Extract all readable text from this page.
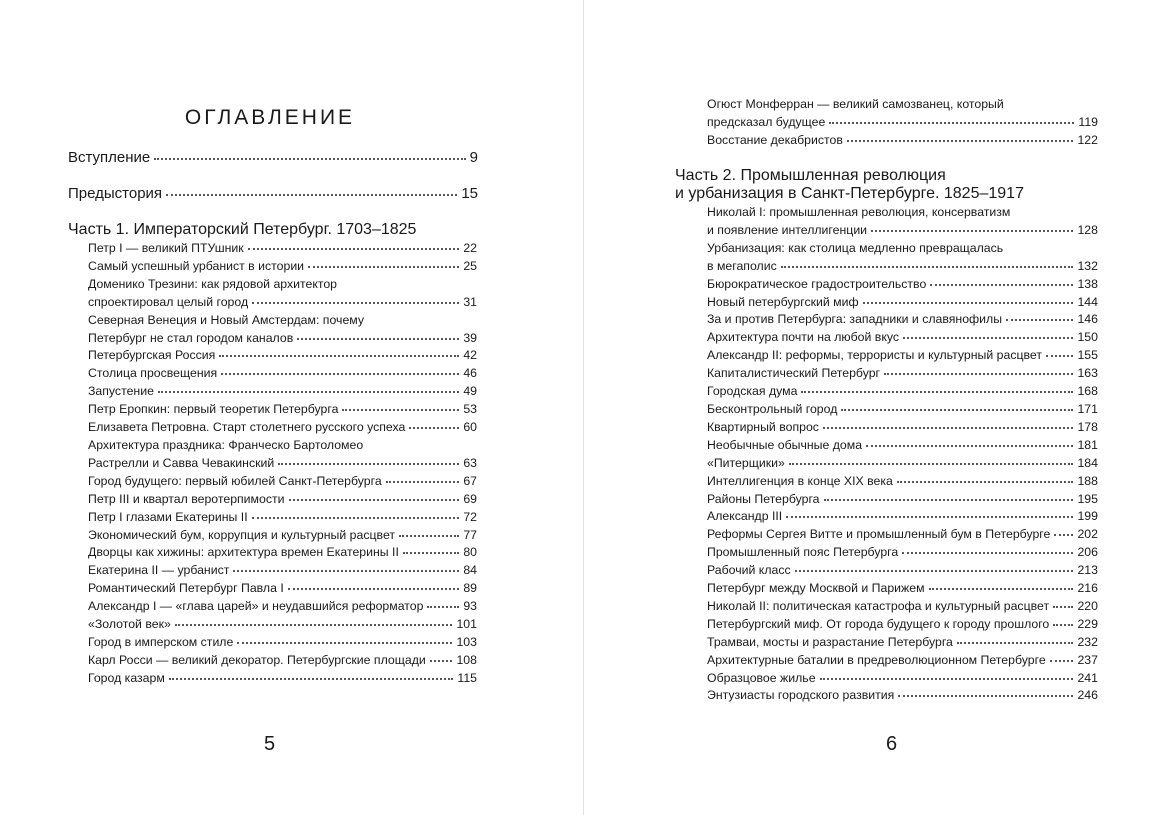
ОГЛАВЛЕНИЕ
Вступление	9
Предыстория	15
Часть 1. Императорский Петербург. 1703–1825
Петр I — великий ПТУшник	22
Самый успешный урбанист в истории	25
Доменико Трезини: как рядовой архитектор
спроектировал целый город	31
Северная Венеция и Новый Амстердам: почему
Петербург не стал городом каналов	39
Петербургская Россия	42
Столица просвещения	46
Запустение	49
Петр Еропкин: первый теоретик Петербурга	53
Елизавета Петровна. Старт столетнего русского успеха	60
Архитектура праздника: Франческо Бартоломео
Растрелли и Савва Чевакинский	63
Город будущего: первый юбилей Санкт-Петербурга	67
Петр III и квартал веротерпимости	69
Петр I глазами Екатерины II	72
Экономический бум, коррупция и культурный расцвет	77
Дворцы как хижины: архитектура времен Екатерины II	80
Екатерина II — урбанист	84
Романтический Петербург Павла I	89
Александр I — «глава царей» и неудавшийся реформатор	93
«Золотой век»	101
Город в имперском стиле	103
Карл Росси — великий декоратор. Петербургские площади 108
Город казарм	115
5
Огюст Монферран — великий самозванец, который
предсказал будущее	119
Восстание декабристов	122
Часть 2. Промышленная революция
и урбанизация в Санкт-Петербурге. 1825–1917
Николай I: промышленная революция, консерватизм
и появление интеллигенции	128
Урбанизация: как столица медленно превращалась
в мегаполис	132
Бюрократическое градостроительство	138
Новый петербургский миф	144
За и против Петербурга: западники и славянофилы	146
Архитектура почти на любой вкус	150
Александр II: реформы, террористы и культурный расцвет	155
Капиталистический Петербург	163
Городская дума	168
Бесконтрольный город	171
Квартирный вопрос	178
Необычные обычные дома	181
«Питерщики»	184
Интеллигенция в конце XIX века	188
Районы Петербурга	195
Александр III	199
Реформы Сергея Витте и промышленный бум в Петербурге 202
Промышленный пояс Петербурга	206
Рабочий класс	213
Петербург между Москвой и Парижем	216
Николай II: политическая катастрофа и культурный расцвет 220
Петербургский миф. От города будущего к городу прошлого 229
Трамваи, мосты и разрастание Петербурга	232
Архитектурные баталии в предреволюционном Петербурге	237
Образцовое жилье	241
Энтузиасты городского развития	246
6
